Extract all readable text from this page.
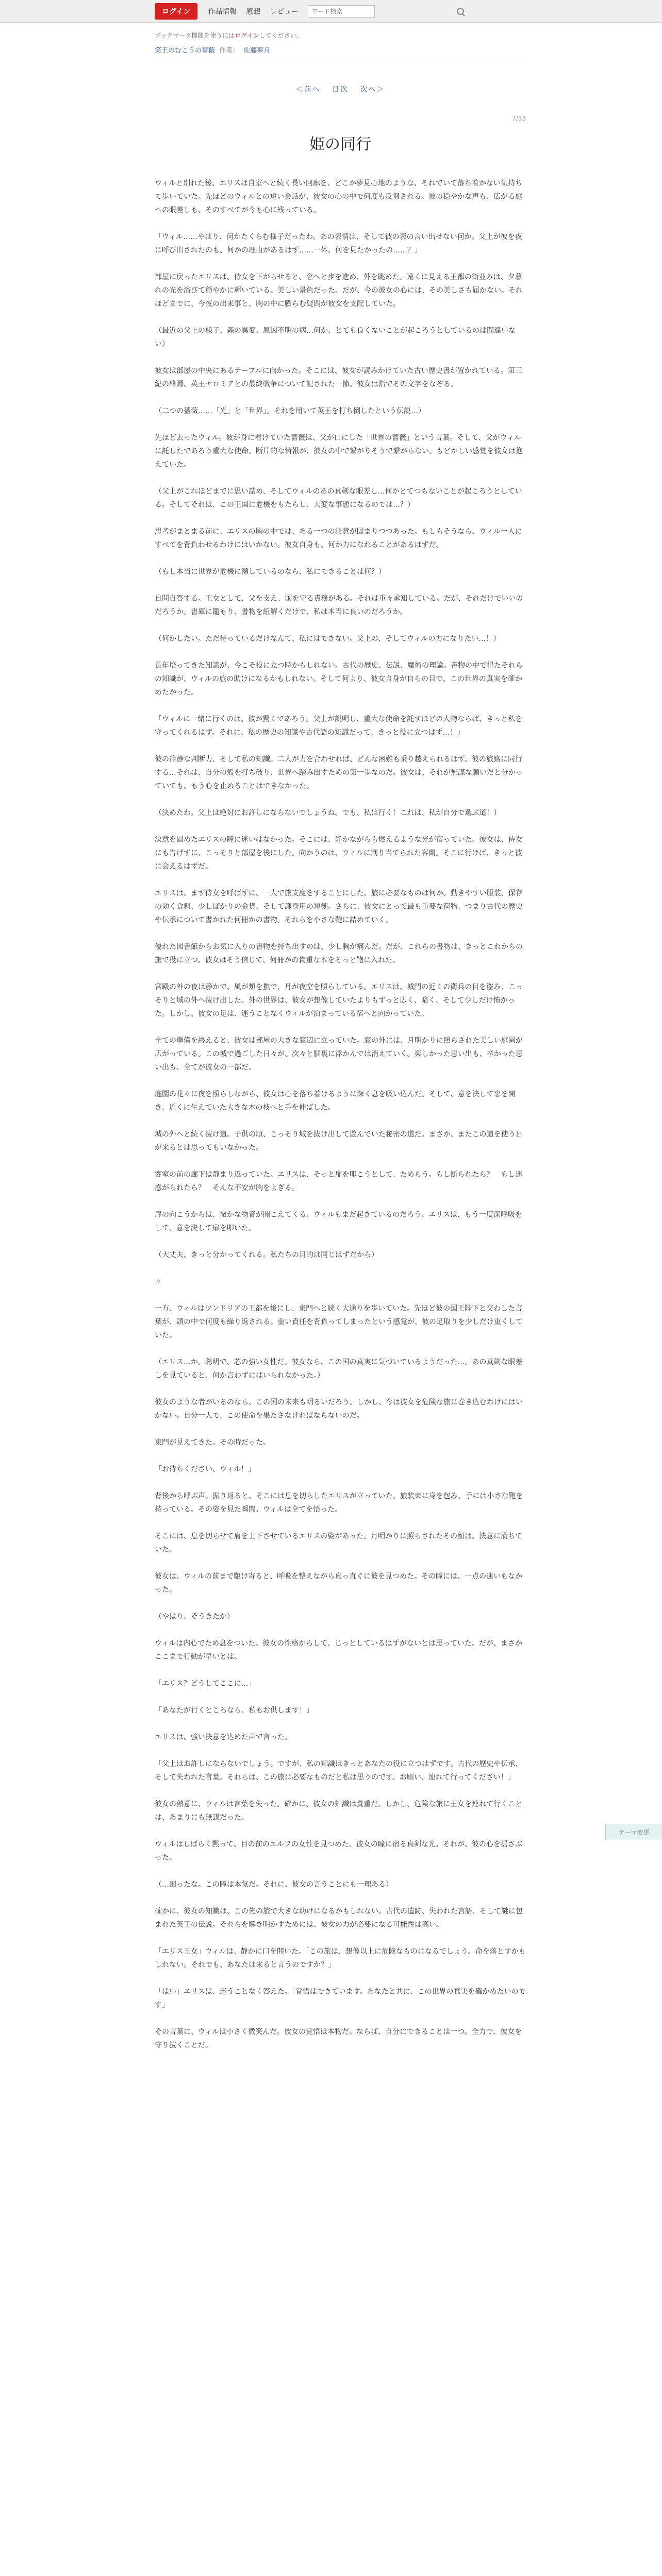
ログイン	作品情報 感想 レビュー
ワード検索
ブックマーク機能を使うにはログインしてください。
笑王のむこうの薔薇 作者： 佐藤夢月
＜前へ 目次 次へ＞
7/33
姫の同行

ウィルと別れた後、エリスは自室へと続く長い回廊を、どこか夢見心地のような、それでいて落ち着かない気持ちで歩いていた。先ほどのウィルとの短い会話が、彼女の心の中で何度も反芻される。彼の穏やかな声も、広がる庭への眼差しも、そのすべてが今も心に残っている。

「ウィル……やはり、何かたくらむ様子だったわ。あの表情は、そして彼の表の言い出せない何か。父上が彼を夜に呼び出されたのも、何かの理由があるはず……一体、何を見たかったの……？」

部屋に戻ったエリスは、侍女を下がらせると、窓へと歩を進め、外を眺めた。遠くに見える王都の街並みは、夕暮れの光を浴びて穏やかに輝いている。美しい景色だった。だが、今の彼女の心には、その美しさも届かない。それほどまでに、今夜の出来事と、胸の中に膨らむ疑問が彼女を支配していた。

（最近の父上の様子、森の異変、原因不明の病…何か、とても良くないことが起ころうとしているのは間違いない）

彼女は部屋の中央にあるテーブルに向かった。そこには、彼女が読みかけていた古い歴史書が置かれている。第三紀の終焉、英王ヤロミアとの最終戦争について記された一節。彼女は指でその文字をなぞる。

（二つの薔薇……「光」と「世界」。それを用いて英王を打ち倒したという伝説…）

先ほど去ったウィル。彼が身に着けていた薔薇は、父が口にした「世界の薔薇」という言葉。そして、父がウィルに託したであろう重大な使命。断片的な情報が、彼女の中で繋がりそうで繋がらない。もどかしい感覚を彼女は抱えていた。

（父上がこれほどまでに思い詰め、そしてウィルのあの真剣な眼差し…何かとてつもないことが起ころうとしている。そしてそれは、この王国に危機をもたらし、大変な事態になるのでは…？）

思考がまとまる前に、エリスの胸の中では、ある一つの決意が固まりつつあった。もしもそうなら、ウィル一人にすべてを背負わせるわけにはいかない。彼女自身も、何か力になれることがあるはずだ。

（もし本当に世界が危機に瀕しているのなら、私にできることは何？）

自問自答する。王女として、父を支え、国を守る責務がある。それは重々承知している。だが、それだけでいいのだろうか。書庫に籠もり、書物を紐解くだけで、私は本当に良いのだろうか。

（何かしたい。ただ待っているだけなんて、私にはできない。父上の、そしてウィルの力になりたい…！）

長年培ってきた知識が、今こそ役に立つ時かもしれない。古代の歴史、伝説、魔術の理論。書物の中で得たそれらの知識が、ウィルの旅の助けになるかもしれない。そして何より、彼女自身が自らの目で、この世界の真実を確かめたかった。

「ウィルに一緒に行くのは、彼が驚くであろう。父上が説明し、重大な使命を託すほどの人物ならば、きっと私を守ってくれるはず。それに、私の歴史の知識や古代語の知識だって、きっと役に立つはず…！」

彼の冷静な判断力、そして私の知識。二人が力を合わせれば、どんな困難も乗り越えられるはず。彼の旅路に同行する…それは、自分の殻を打ち破り、世界へ踏み出すための第一歩なのだ。彼女は、それが無謀な願いだと分かっていても、もう心を止めることはできなかった。

（決めたわ。父上は絶対にお許しにならないでしょうね。でも、私は行く！これは、私が自分で選ぶ道！）

決意を固めたエリスの瞳に迷いはなかった。そこには、静かながらも燃えるような光が宿っていた。彼女は、侍女にも告げずに、こっそりと部屋を後にした。向かうのは、ウィルに割り当てられた客間。そこに行けば、きっと彼に会えるはずだ。

エリスは、まず侍女を呼ばずに、一人で旅支度をすることにした。旅に必要なものは何か。動きやすい服装、保存の効く食料、少しばかりの金貨、そして護身用の短剣。さらに、彼女にとって最も重要な荷物、つまり古代の歴史や伝承について書かれた何冊かの書物。それらを小さな鞄に詰めていく。

優れた図書館からお気に入りの書物を持ち出すのは、少し胸が痛んだ。だが、これらの書物は、きっとこれからの旅で役に立つ。彼女はそう信じて、何冊かの貴重な本をそっと鞄に入れた。

宮殿の外の夜は静かで、風が頬を撫で、月が夜空を照らしている。エリスは、城門の近くの衛兵の目を盗み、こっそりと城の外へ抜け出した。外の世界は、彼女が想像していたよりもずっと広く、暗く、そして少しだけ怖かった。しかし、彼女の足は、迷うことなくウィルが泊まっている宿へと向かっていた。

全ての準備を終えると、彼女は部屋の大きな窓辺に立っていた。窓の外には、月明かりに照らされた美しい庭園が広がっている。この城で過ごした日々が、次々と脳裏に浮かんでは消えていく。楽しかった思い出も、辛かった思い出も、全てが彼女の一部だ。

庭園の花々に夜を照らしながら、彼女は心を落ち着けるように深く息を吸い込んだ。そして、意を決して窓を開き、近くに生えていた大きな木の枝へと手を伸ばした。

城の外へと続く抜け道。子供の頃、こっそり城を抜け出して遊んでいた秘密の道だ。まさか、またこの道を使う日が来るとは思ってもいなかった。

客室の前の廊下は静まり返っていた。エリスは、そっと扉を叩こうとして、ためらう。もし断られたら？　もし迷惑がられたら？　そんな不安が胸をよぎる。

扉の向こうからは、微かな物音が聞こえてくる。ウィルもまだ起きているのだろう。エリスは、もう一度深呼吸をして、意を決して扉を叩いた。

（大丈夫、きっと分かってくれる。私たちの目的は同じはずだから）

＊

一方、ウィルはツンドリアの王都を後にし、東門へと続く大通りを歩いていた。先ほど彼の国王陛下と交わした言葉が、頭の中で何度も繰り返される。重い責任を背負ってしまったという感覚が、彼の足取りを少しだけ重くしていた。

（エリス…か。聡明で、芯の強い女性だ。彼女なら、この国の真実に気づいているようだった…。あの真剣な眼差しを見ていると、何か言わずにはいられなかった。）

彼女のような者がいるのなら、この国の未来も明るいだろう。しかし、今は彼女を危険な旅に巻き込むわけにはいかない。自分一人で、この使命を果たさなければならないのだ。

東門が見えてきた。その時だった。

「お待ちください、ウィル！」

背後から呼ぶ声。振り返ると、そこには息を切らしたエリスが立っていた。旅装束に身を包み、手には小さな鞄を持っている。その姿を見た瞬間、ウィルは全てを悟った。

そこには、息を切らせて肩を上下させているエリスの姿があった。月明かりに照らされたその顔は、決意に満ちていた。

彼女は、ウィルの前まで駆け寄ると、呼吸を整えながら真っ直ぐに彼を見つめた。その瞳には、一点の迷いもなかった。

（やはり、そうきたか）

ウィルは内心でため息をついた。彼女の性格からして、じっとしているはずがないとは思っていた。だが、まさかここまで行動が早いとは。

「エリス？どうしてここに…」

「あなたが行くところなら、私もお供します！」

エリスは、強い決意を込めた声で言った。

「父上はお許しにならないでしょう。ですが、私の知識はきっとあなたの役に立つはずです。古代の歴史や伝承、そして失われた言葉。それらは、この旅に必要なものだと私は思うのです。お願い、連れて行ってください！」

彼女の熱意に、ウィルは言葉を失った。確かに、彼女の知識は貴重だ。しかし、危険な旅に王女を連れて行くことは、あまりにも無謀だった。

ウィルはしばらく黙って、目の前のエルフの女性を見つめた。彼女の瞳に宿る真剣な光。それが、彼の心を揺さぶった。

（…困ったな。この瞳は本気だ。それに、彼女の言うことにも一理ある）

確かに、彼女の知識は、この先の旅で大きな助けになるかもしれない。古代の遺跡、失われた言語、そして謎に包まれた英王の伝説。それらを解き明かすためには、彼女の力が必要になる可能性は高い。

「エリス王女」ウィルは、静かに口を開いた。「この旅は、想像以上に危険なものになるでしょう。命を落とすかもしれない。それでも、あなたは来ると言うのですか？」

「はい」エリスは、迷うことなく答えた。「覚悟はできています。あなたと共に、この世界の真実を確かめたいのです」

その言葉に、ウィルは小さく微笑んだ。彼女の覚悟は本物だ。ならば、自分にできることは一つ。全力で、彼女を守り抜くことだ。

テーマ変更
